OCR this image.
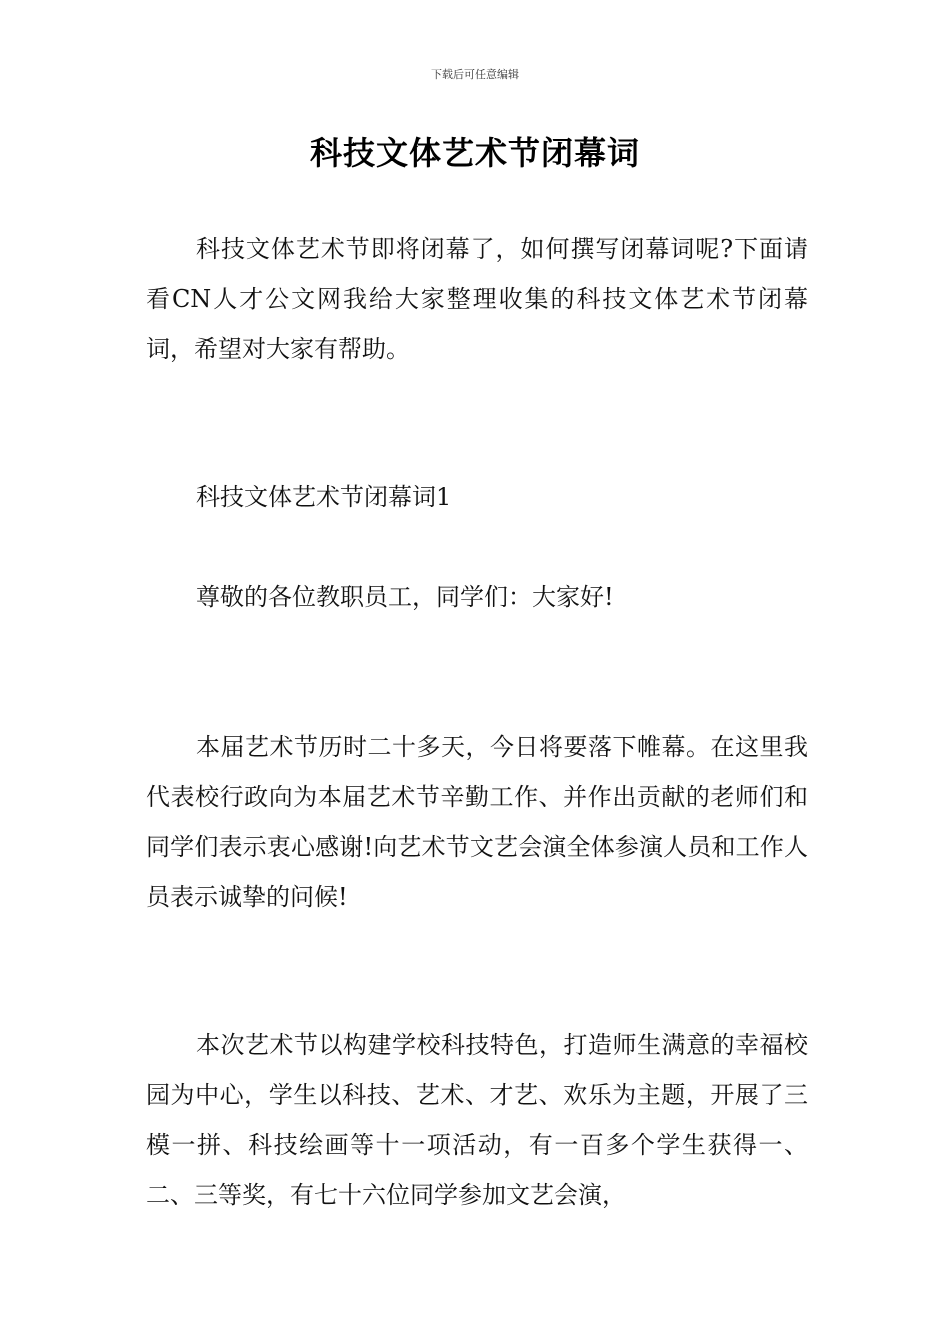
下载后可任意编辑
科技文体艺术节闭幕词

科技文体艺术节即将闭幕了，如何撰写闭幕词呢?下面请看CN人才公文网我给大家整理收集的科技文体艺术节闭幕词，希望对大家有帮助。

科技文体艺术节闭幕词1

尊敬的各位教职员工，同学们：大家好!

本届艺术节历时二十多天，今日将要落下帷幕。在这里我代表校行政向为本届艺术节辛勤工作、并作出贡献的老师们和同学们表示衷心感谢!向艺术节文艺会演全体参演人员和工作人员表示诚挚的问候!

本次艺术节以构建学校科技特色，打造师生满意的幸福校园为中心，学生以科技、艺术、才艺、欢乐为主题，开展了三模一拼、科技绘画等十一项活动，有一百多个学生获得一、二、三等奖，有七十六位同学参加文艺会演，
